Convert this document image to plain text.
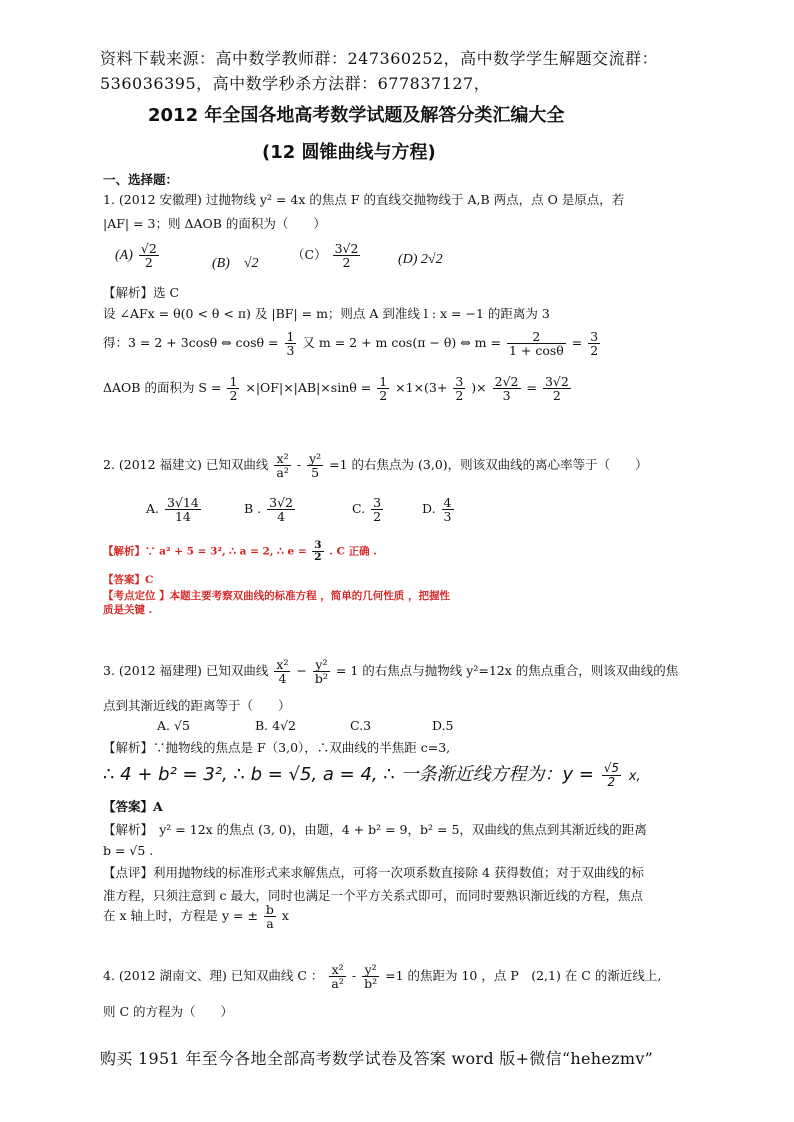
资料下载来源：高中数学教师群：247360252，高中数学学生解题交流群：
536036395，高中数学秒杀方法群：677837127，
2012 年全国各地高考数学试题及解答分类汇编大全
(12 圆锥曲线与方程)
一、选择题：
1. (2012 安徽理) 过抛物线 y² = 4x 的焦点 F 的直线交抛物线于 A,B 两点，点 O 是原点，若
|AF| = 3；则 ΔAOB 的面积为（　　）
$(A) \frac{√2}{2}$	(B)　√2
$(C) \frac{3√2}{2}$	(D) 2√2
【解析】选 C
设 ∠AFx = θ(0 < θ < π) 及 |BF| = m；则点 A 到准线 l : x = −1 的距离为 3
得：3 = 2 + 3cosθ ⇔ $\cos\theta = \frac{1}{3}$ 又 m = 2 + m cos(π − θ) ⇔ $m = \frac{2}{1 + \cos\theta} = \frac{3}{2}$
ΔAOB 的面积为 $S = \frac{1}{2} \times|OF|\times|AB|\times\sin\theta = \frac{1}{2} \times 1\times(3+ \frac{3}{2}$ )× $\frac{2√2}{3} = \frac{3√2}{2}$
2. (2012 福建文) 已知双曲线 $\frac{\text{x²}}{\text{a²}} - \frac{\text{y²}}{5} =1$ 的右焦点为 (3,0)，则该双曲线的离心率等于（　　）
A. $\frac{3√14}{14}$	B . $\frac{3√2}{4}$	C. $\frac{3}{2}$	D. $\frac{4}{3}$
【解析】∵ a² + 5 = 3², ∴ a = 2, ∴ $e = \frac{3}{2}$ . C 正确 .
【答案】C
【考点定位 】本题主要考察双曲线的标准方程 ，简单的几何性质 ，把握性
质是关键 .
3. (2012 福建理) 已知双曲线 $\frac{\text{x²}}{4} - \frac{\text{y²}}{\text{b²}} = 1$ 的右焦点与抛物线 y²=12x 的焦点重合，则该双曲线的焦
点到其渐近线的距离等于（　　）
A. √5	B. 4√2	C.3	D.5
【解析】∵抛物线的焦点是 F（3,0），∴双曲线的半焦距 c=3,
∴ 4 + b² = 3², ∴ b = √5, a = 4, ∴ 一条渐近线方程为：$y = \frac{√5}{2} x$,
【答案】A
【解析】　y² = 12x 的焦点 (3, 0)，由题，4 + b² = 9，b² = 5，双曲线的焦点到其渐近线的距离
b = √5 .
【点评】利用抛物线的标准形式来求解焦点，可将一次项系数直接除 4 获得数值；对于双曲线的标
准方程，只须注意到 c 最大，同时也满足一个平方关系式即可，而同时要熟识渐近线的方程，焦点
在 x 轴上时，方程是 y = ± $\frac{b}{a}$ x
4. (2012 湖南文、理) 已知双曲线 C ： $\frac{\text{x²}}{\text{a²}} - \frac{\text{y²}}{\text{b²}} =1$ 的焦距为 10 ，点 P　(2,1) 在 C 的渐近线上,
则 C 的方程为（　　）
购买 1951 年至今各地全部高考数学试卷及答案 word 版+微信“hehezmv”
